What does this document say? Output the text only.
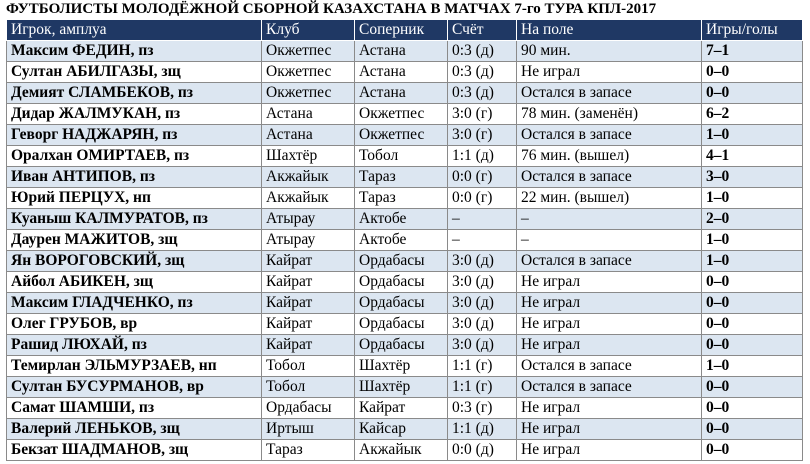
ФУТБОЛИСТЫ МОЛОДЁЖНОЙ СБОРНОЙ КАЗАХСТАНА В МАТЧАХ 7-го ТУРА КПЛ-2017
Игрок, амплуа	Клуб	Соперник	Счёт	На поле	Игры/голы
Максим ФЕДИН, пз	Окжетпес	Астана	0:3 (д)	90 мин.	7–1
Султан АБИЛГАЗЫ, зщ	Окжетпес	Астана	0:3 (д)	Не играл	0–0
Демият СЛАМБЕКОВ, пз	Окжетпес	Астана	0:3 (д)	Остался в запасе	0–0
Дидар ЖАЛМУКАН, пз	Астана	Окжетпес	3:0 (г)	78 мин. (заменён)	6–2
Геворг НАДЖАРЯН, пз	Астана	Окжетпес	3:0 (г)	Остался в запасе	1–0
Оралхан ОМИРТАЕВ, пз	Шахтёр	Тобол	1:1 (д)	76 мин. (вышел)	4–1
Иван АНТИПОВ, пз	Акжайык	Тараз	0:0 (г)	Остался в запасе	3–0
Юрий ПЕРЦУХ, нп	Акжайык	Тараз	0:0 (г)	22 мин. (вышел)	1–0
Куаныш КАЛМУРАТОВ, пз	Атырау	Актобе	–	–	2–0
Даурен МАЖИТОВ, зщ	Атырау	Актобе	–	–	1–0
Ян ВОРОГОВСКИЙ, зщ	Кайрат	Ордабасы	3:0 (д)	Остался в запасе	1–0
Айбол АБИКЕН, зщ	Кайрат	Ордабасы	3:0 (д)	Не играл	0–0
Максим ГЛАДЧЕНКО, пз	Кайрат	Ордабасы	3:0 (д)	Не играл	0–0
Олег ГРУБОВ, вр	Кайрат	Ордабасы	3:0 (д)	Не играл	0–0
Рашид ЛЮХАЙ, пз	Кайрат	Ордабасы	3:0 (д)	Не играл	0–0
Темирлан ЭЛЬМУРЗАЕВ, нп	Тобол	Шахтёр	1:1 (г)	Остался в запасе	1–0
Султан БУСУРМАНОВ, вр	Тобол	Шахтёр	1:1 (г)	Остался в запасе	0–0
Самат ШАМШИ, пз	Ордабасы	Кайрат	0:3 (г)	Не играл	0–0
Валерий ЛЕНЬКОВ, зщ	Иртыш	Кайсар	1:1 (д)	Не играл	0–0
Бекзат ШАДМАНОВ, зщ	Тараз	Акжайык	0:0 (д)	Не играл	0–0
